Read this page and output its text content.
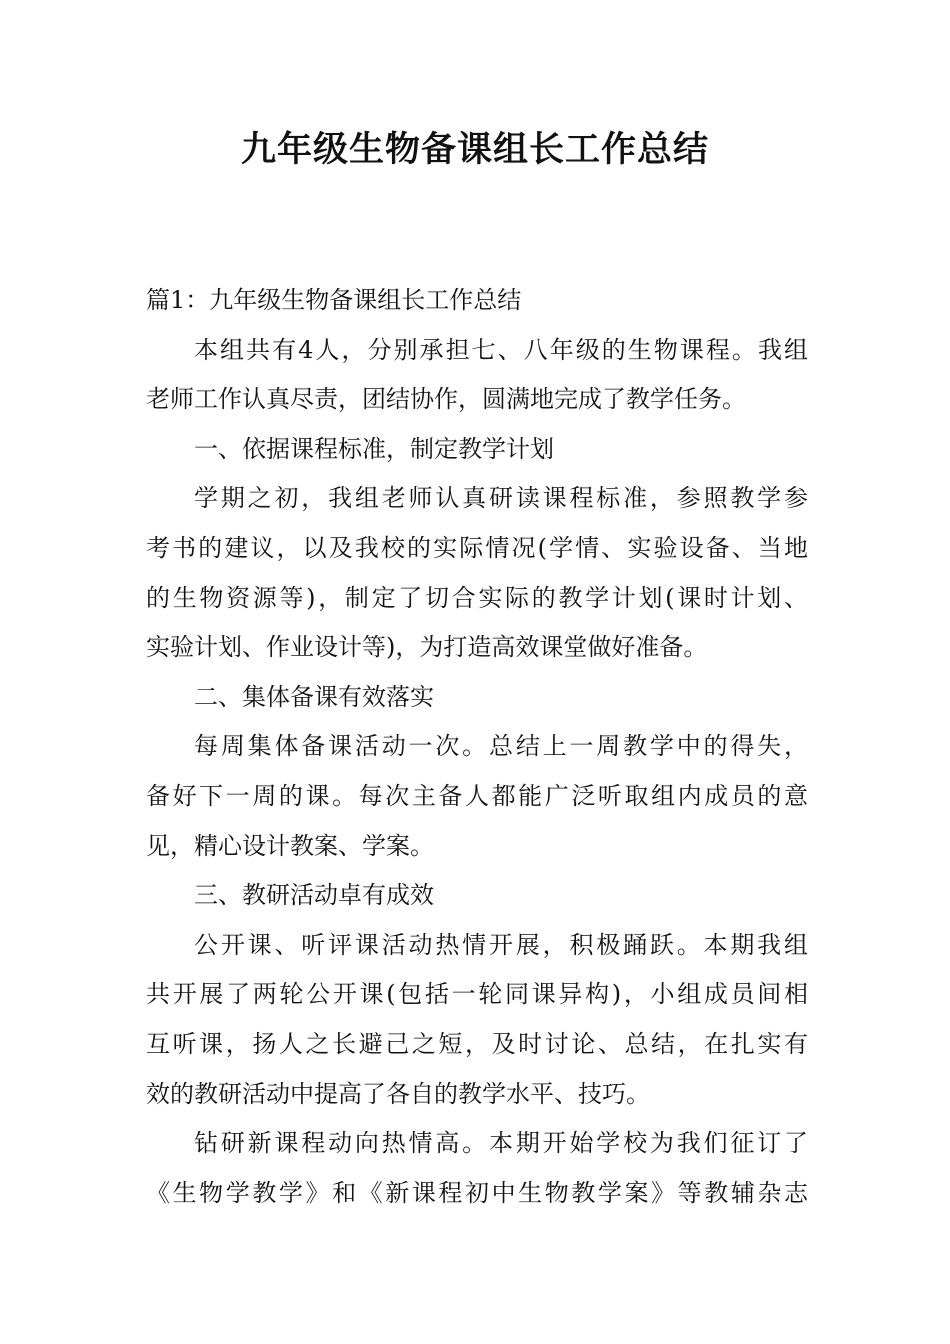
九年级生物备课组长工作总结

篇1：九年级生物备课组长工作总结

本组共有4人，分别承担七、八年级的生物课程。我组

老师工作认真尽责，团结协作，圆满地完成了教学任务。

一、依据课程标准，制定教学计划

学期之初，我组老师认真研读课程标准，参照教学参

考书的建议，以及我校的实际情况(学情、实验设备、当地

的生物资源等)，制定了切合实际的教学计划(课时计划、

实验计划、作业设计等)，为打造高效课堂做好准备。

二、集体备课有效落实

每周集体备课活动一次。总结上一周教学中的得失，

备好下一周的课。每次主备人都能广泛听取组内成员的意

见，精心设计教案、学案。

三、教研活动卓有成效

公开课、听评课活动热情开展，积极踊跃。本期我组

共开展了两轮公开课(包括一轮同课异构)，小组成员间相

互听课，扬人之长避己之短，及时讨论、总结，在扎实有

效的教研活动中提高了各自的教学水平、技巧。

钻研新课程动向热情高。本期开始学校为我们征订了

《生物学教学》和《新课程初中生物教学案》等教辅杂志
